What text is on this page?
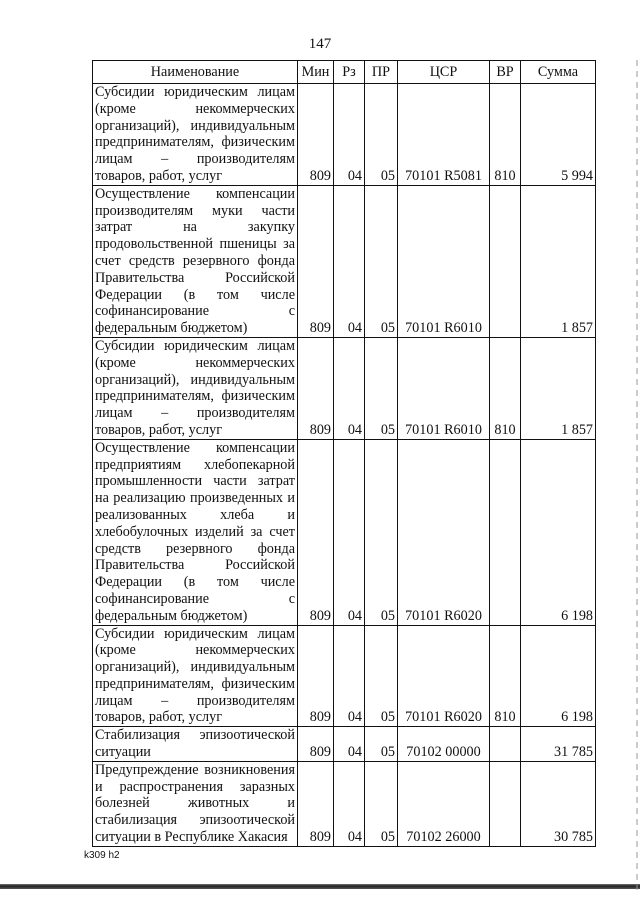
147
Наименование	Мин	Рз	ПР	ЦСР	ВР	Сумма
Субсидии юридическим лицам (кроме некоммерческих организаций), индивидуальным предпринимателям, физическим лицам – производителям товаров, работ, услуг	809	04	05	70101 R5081	810	5 994
Осуществление компенсации производителям муки части затрат на закупку продовольственной пшеницы за счет средств резервного фонда Правительства Российской Федерации (в том числе софинансирование с федеральным бюджетом)	809	04	05	70101 R6010		1 857
Субсидии юридическим лицам (кроме некоммерческих организаций), индивидуальным предпринимателям, физическим лицам – производителям товаров, работ, услуг	809	04	05	70101 R6010	810	1 857
Осуществление компенсации предприятиям хлебопекарной промышленности части затрат на реализацию произведенных и реализованных хлеба и хлебобулочных изделий за счет средств резервного фонда Правительства Российской Федерации (в том числе софинансирование с федеральным бюджетом)	809	04	05	70101 R6020		6 198
Субсидии юридическим лицам (кроме некоммерческих организаций), индивидуальным предпринимателям, физическим лицам – производителям товаров, работ, услуг	809	04	05	70101 R6020	810	6 198
Стабилизация эпизоотической ситуации	809	04	05	70102 00000		31 785
Предупреждение возникновения и распространения заразных болезней животных и стабилизация эпизоотической ситуации в Республике Хакасия	809	04	05	70102 26000		30 785
k309 h2
